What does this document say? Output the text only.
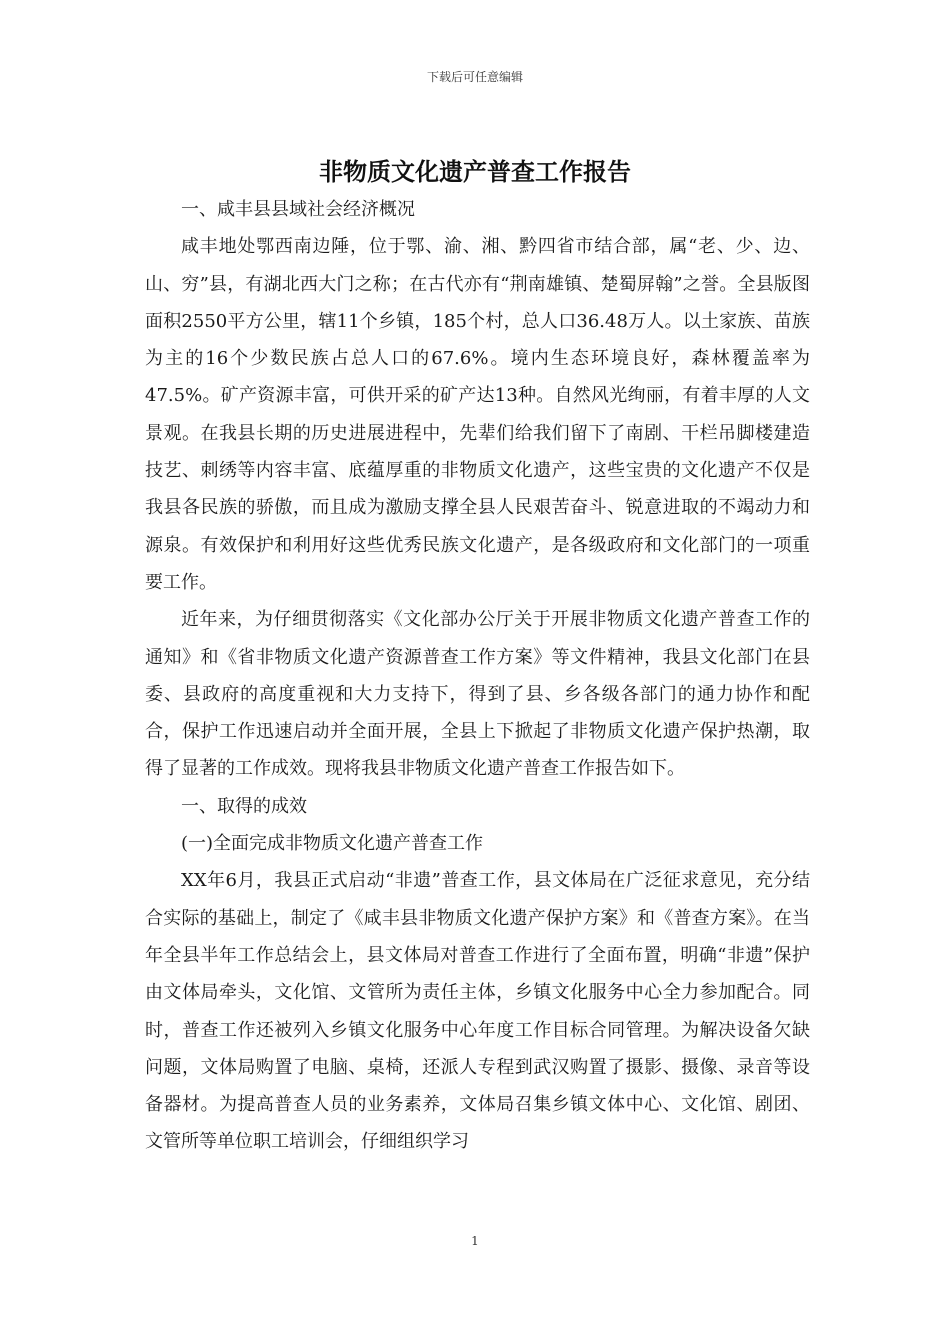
下载后可任意编辑
非物质文化遗产普查工作报告

一、咸丰县县域社会经济概况

咸丰地处鄂西南边陲，位于鄂、渝、湘、黔四省市结合部，属“老、少、边、山、穷”县，有湖北西大门之称；在古代亦有“荆南雄镇、楚蜀屏翰”之誉。全县版图面积2550平方公里，辖11个乡镇，185个村，总人口36.48万人。以土家族、苗族为主的16个少数民族占总人口的67.6%。境内生态环境良好，森林覆盖率为47.5%。矿产资源丰富，可供开采的矿产达13种。自然风光绚丽，有着丰厚的人文景观。在我县长期的历史进展进程中，先辈们给我们留下了南剧、干栏吊脚楼建造技艺、刺绣等内容丰富、底蕴厚重的非物质文化遗产，这些宝贵的文化遗产不仅是我县各民族的骄傲，而且成为激励支撑全县人民艰苦奋斗、锐意进取的不竭动力和源泉。有效保护和利用好这些优秀民族文化遗产，是各级政府和文化部门的一项重要工作。

近年来，为仔细贯彻落实《文化部办公厅关于开展非物质文化遗产普查工作的通知》和《省非物质文化遗产资源普查工作方案》等文件精神，我县文化部门在县委、县政府的高度重视和大力支持下，得到了县、乡各级各部门的通力协作和配合，保护工作迅速启动并全面开展，全县上下掀起了非物质文化遗产保护热潮，取得了显著的工作成效。现将我县非物质文化遗产普查工作报告如下。

一、取得的成效

(一)全面完成非物质文化遗产普查工作

XX年6月，我县正式启动“非遗”普查工作，县文体局在广泛征求意见，充分结合实际的基础上，制定了《咸丰县非物质文化遗产保护方案》和《普查方案》。在当年全县半年工作总结会上，县文体局对普查工作进行了全面布置，明确“非遗”保护由文体局牵头，文化馆、文管所为责任主体，乡镇文化服务中心全力参加配合。同时，普查工作还被列入乡镇文化服务中心年度工作目标合同管理。为解决设备欠缺问题，文体局购置了电脑、桌椅，还派人专程到武汉购置了摄影、摄像、录音等设备器材。为提高普查人员的业务素养，文体局召集乡镇文体中心、文化馆、剧团、文管所等单位职工培训会，仔细组织学习

1
